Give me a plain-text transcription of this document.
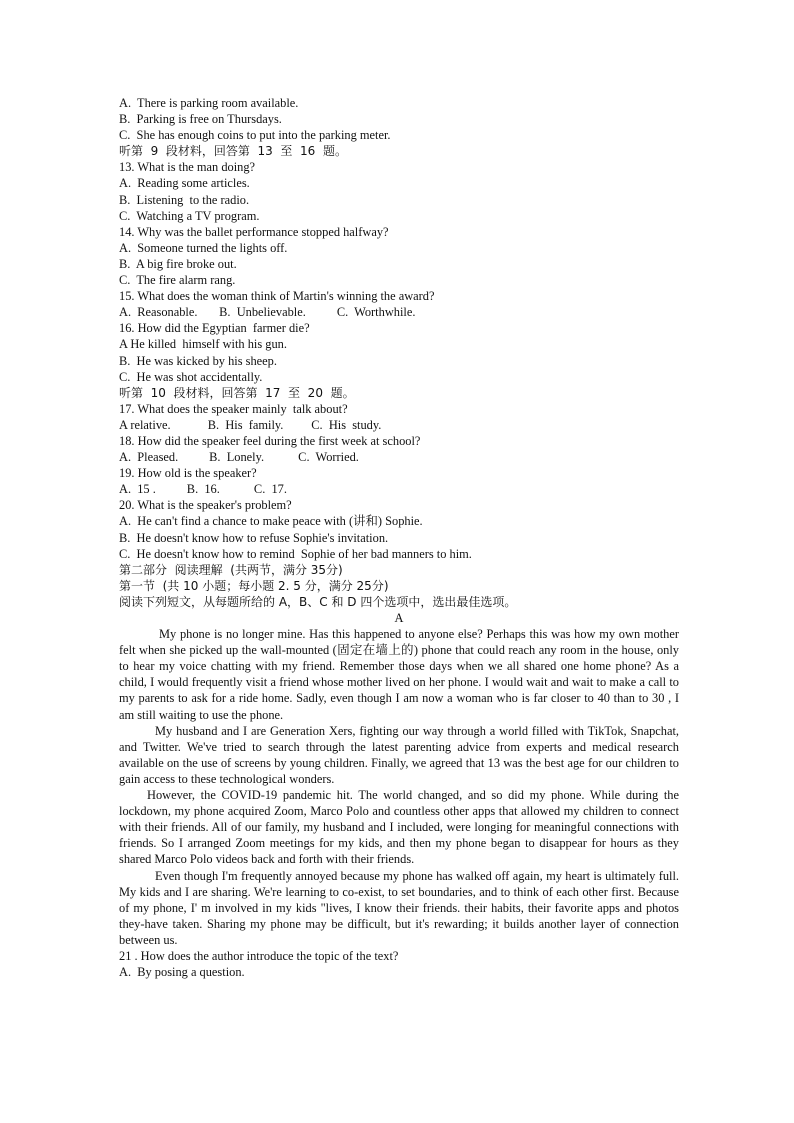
A.  There is parking room available.
B.  Parking is free on Thursdays.
C.  She has enough coins to put into the parking meter.
听第  9  段材料，回答第  13  至  16  题。
13. What is the man doing?
A.  Reading some articles.
B.  Listening  to the radio.
C.  Watching a TV program.
14. Why was the ballet performance stopped halfway?
A.  Someone turned the lights off.
B.  A big fire broke out.
C.  The fire alarm rang.
15. What does the woman think of Martin's winning the award?
A.  Reasonable.       B.  Unbelievable.          C.  Worthwhile.
16. How did the Egyptian  farmer die?
A He killed  himself with his gun.
B.  He was kicked by his sheep.
C.  He was shot accidentally.
听第  10  段材料，回答第  17  至  20  题。
17. What does the speaker mainly  talk about?
A relative.            B.  His  family.         C.  His  study.
18. How did the speaker feel during the first week at school?
A.  Pleased.          B.  Lonely.           C.  Worried.
19. How old is the speaker?
A.  15 .          B.  16.           C.  17.
20. What is the speaker's problem?
A.  He can't find a chance to make peace with (讲和) Sophie.
B.  He doesn't know how to refuse Sophie's invitation.
C.  He doesn't know how to remind  Sophie of her bad manners to him.
第二部分  阅读理解  (共两节，满分 35分)
第一节  (共 10 小题；每小题 2. 5 分，满分 25分)
阅读下列短文，从每题所给的 A，B、C 和 D 四个选项中，选出最佳选项。
A
My phone is no longer mine. Has this happened to anyone else? Perhaps this was how my own mother felt when she picked up the wall-mounted (固定在墙上的) phone that could reach any room in the house, only to hear my voice chatting with my friend. Remember those days when we all shared one home phone? As a child, I would frequently visit a friend whose mother lived on her phone. I would wait and wait to make a call to my parents to ask for a ride home. Sadly, even though I am now a woman who is far closer to 40 than to 30 , I am still waiting to use the phone.
My husband and I are Generation Xers, fighting our way through a world filled with TikTok, Snapchat, and Twitter. We've tried to search through the latest parenting advice from experts and medical research available on the use of screens by young children. Finally, we agreed that 13 was the best age for our children to gain access to these technological wonders.
However, the COVID-19 pandemic hit. The world changed, and so did my phone. While during the lockdown, my phone acquired Zoom, Marco Polo and countless other apps that allowed my children to connect with their friends. All of our family, my husband and I included, were longing for meaningful connections with friends. So I arranged Zoom meetings for my kids, and then my phone began to disappear for hours as they shared Marco Polo videos back and forth with their friends.
Even though I'm frequently annoyed because my phone has walked off again, my heart is ultimately full. My kids and I are sharing. We're learning to co-exist, to set boundaries, and to think of each other first. Because of my phone, I' m involved in my kids "lives, I know their friends. their habits, their favorite apps and photos they-have taken. Sharing my phone may be difficult, but it's rewarding; it builds another layer of connection between us.
21 . How does the author introduce the topic of the text?
A.  By posing a question.
